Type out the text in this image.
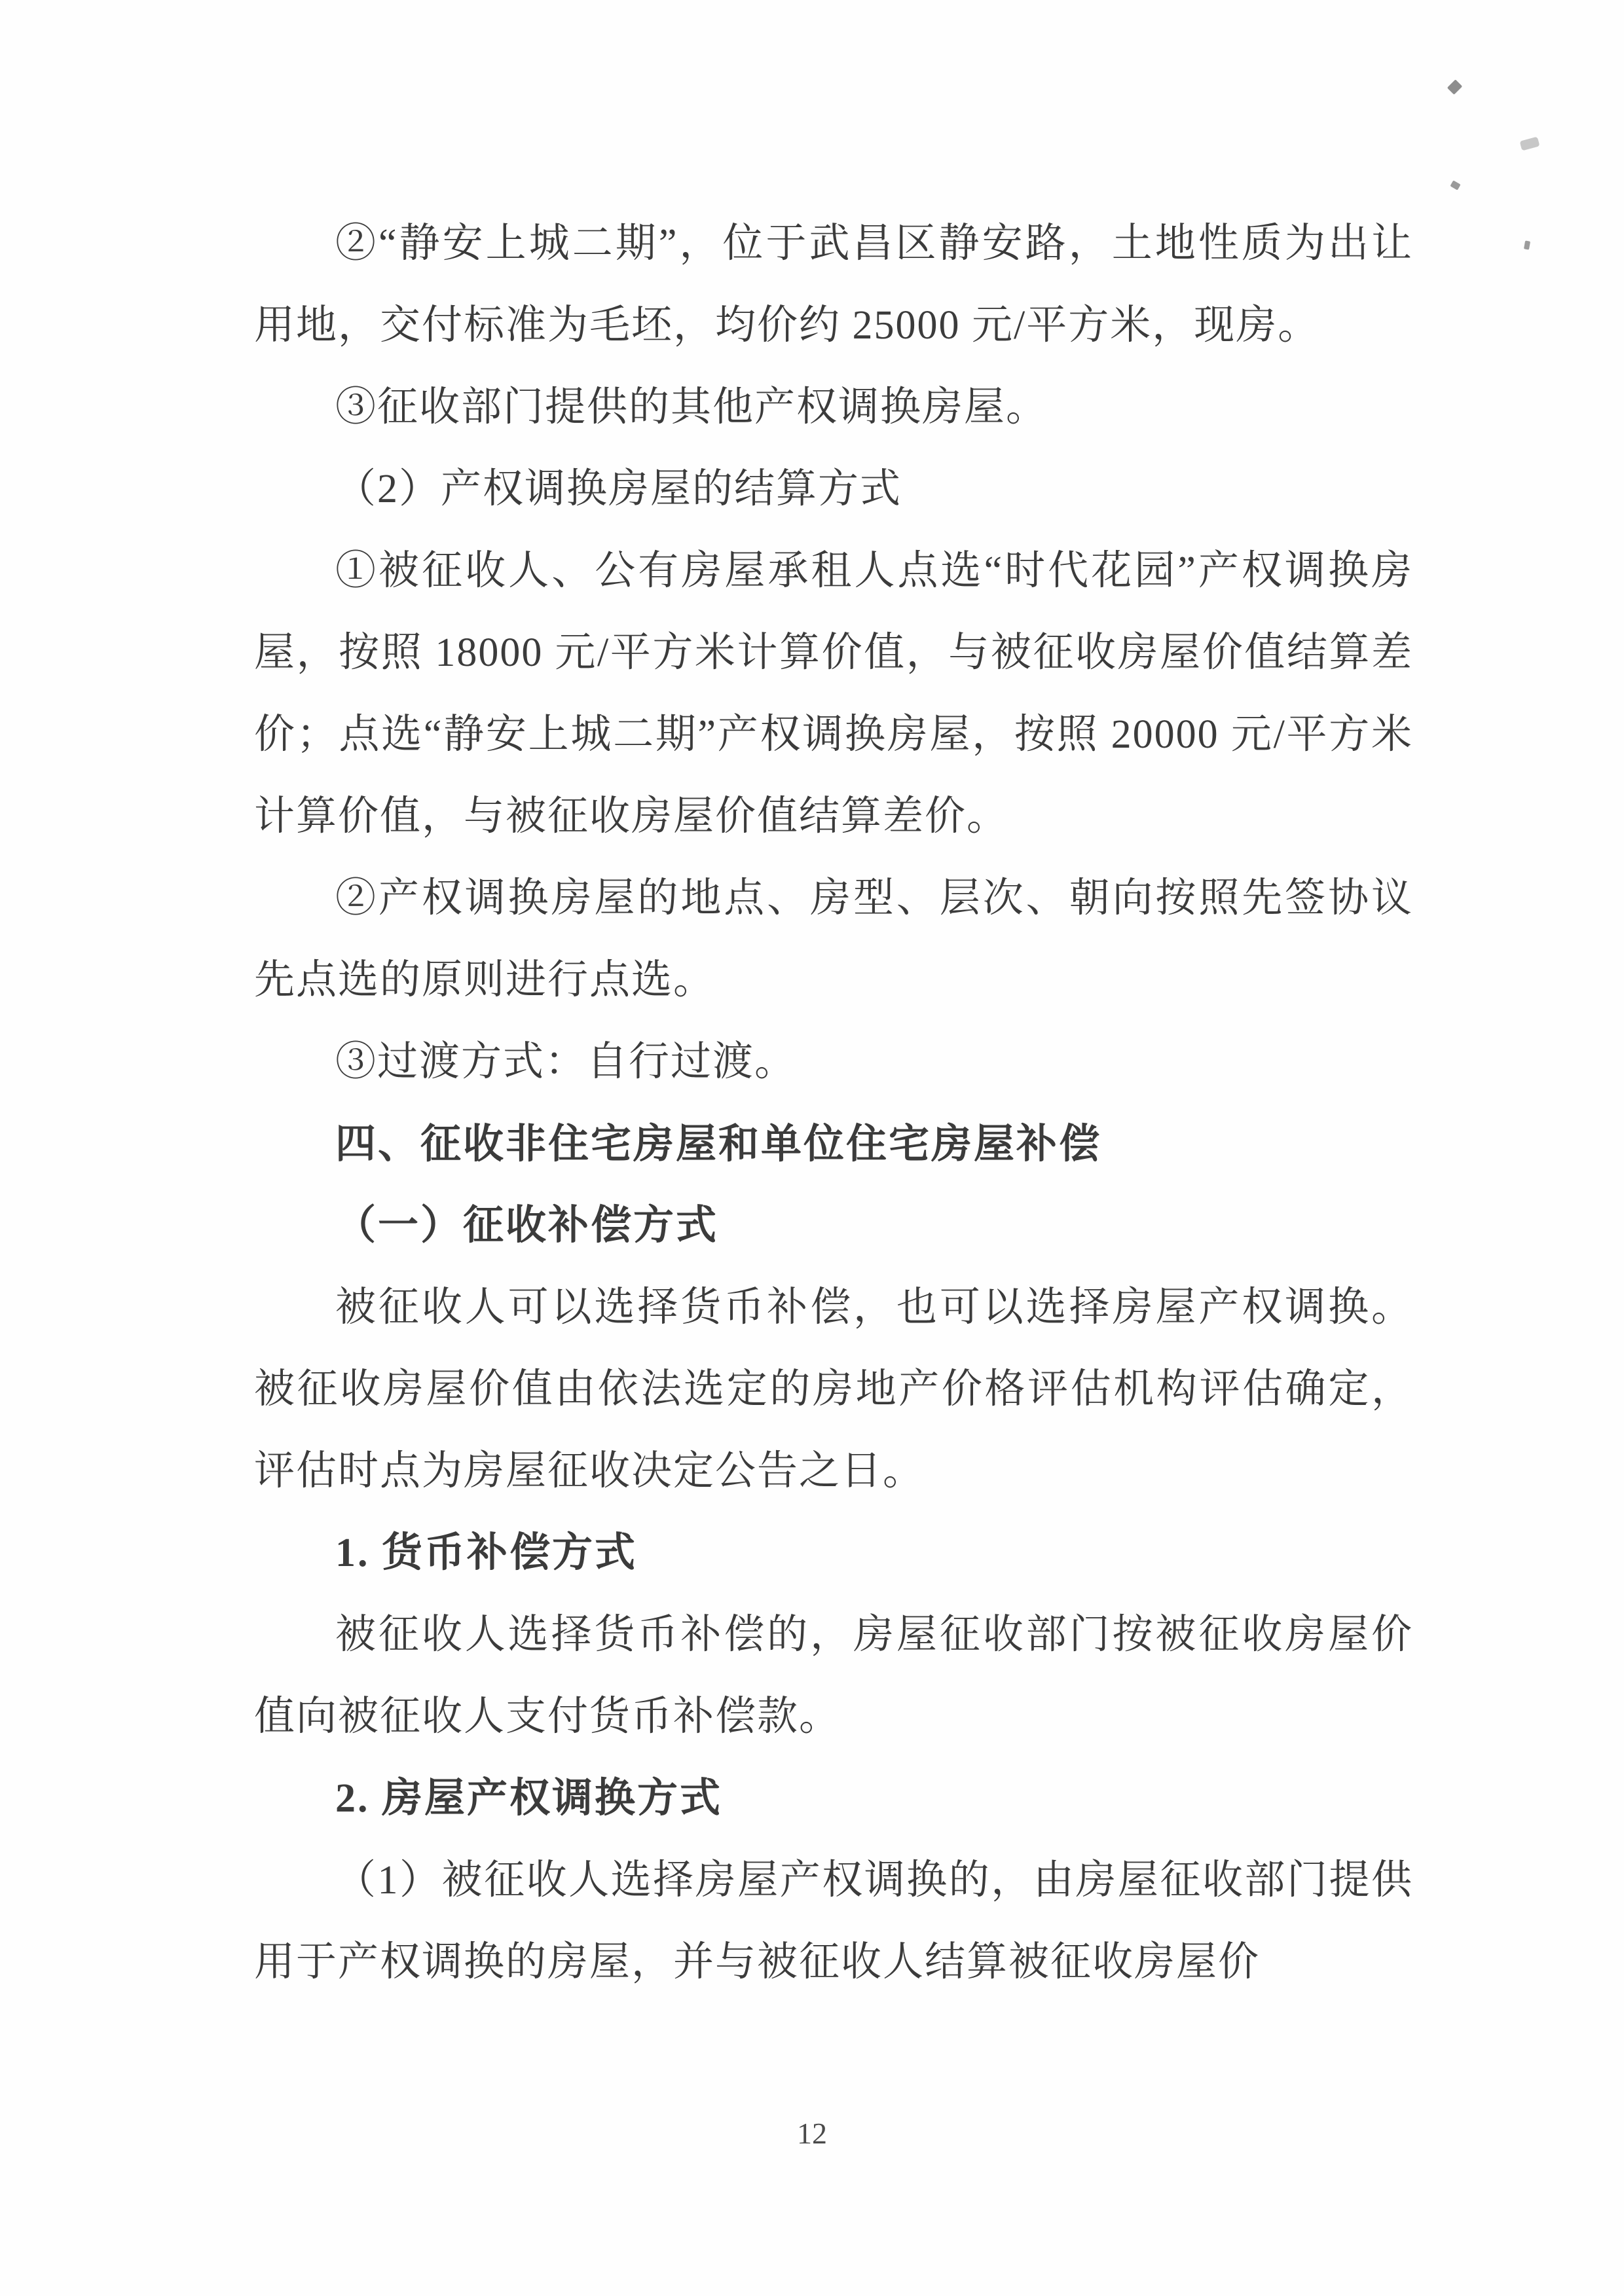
②“静安上城二期”，位于武昌区静安路，土地性质为出让用地，交付标准为毛坯，均价约 25000 元/平方米，现房。
③征收部门提供的其他产权调换房屋。
（2）产权调换房屋的结算方式
①被征收人、公有房屋承租人点选“时代花园”产权调换房屋，按照 18000 元/平方米计算价值，与被征收房屋价值结算差价；点选“静安上城二期”产权调换房屋，按照 20000 元/平方米计算价值，与被征收房屋价值结算差价。
②产权调换房屋的地点、房型、层次、朝向按照先签协议先点选的原则进行点选。
③过渡方式：自行过渡。
四、征收非住宅房屋和单位住宅房屋补偿
（一）征收补偿方式
被征收人可以选择货币补偿，也可以选择房屋产权调换。被征收房屋价值由依法选定的房地产价格评估机构评估确定，评估时点为房屋征收决定公告之日。
1. 货币补偿方式
被征收人选择货币补偿的，房屋征收部门按被征收房屋价值向被征收人支付货币补偿款。
2. 房屋产权调换方式
（1）被征收人选择房屋产权调换的，由房屋征收部门提供用于产权调换的房屋，并与被征收人结算被征收房屋价
12
